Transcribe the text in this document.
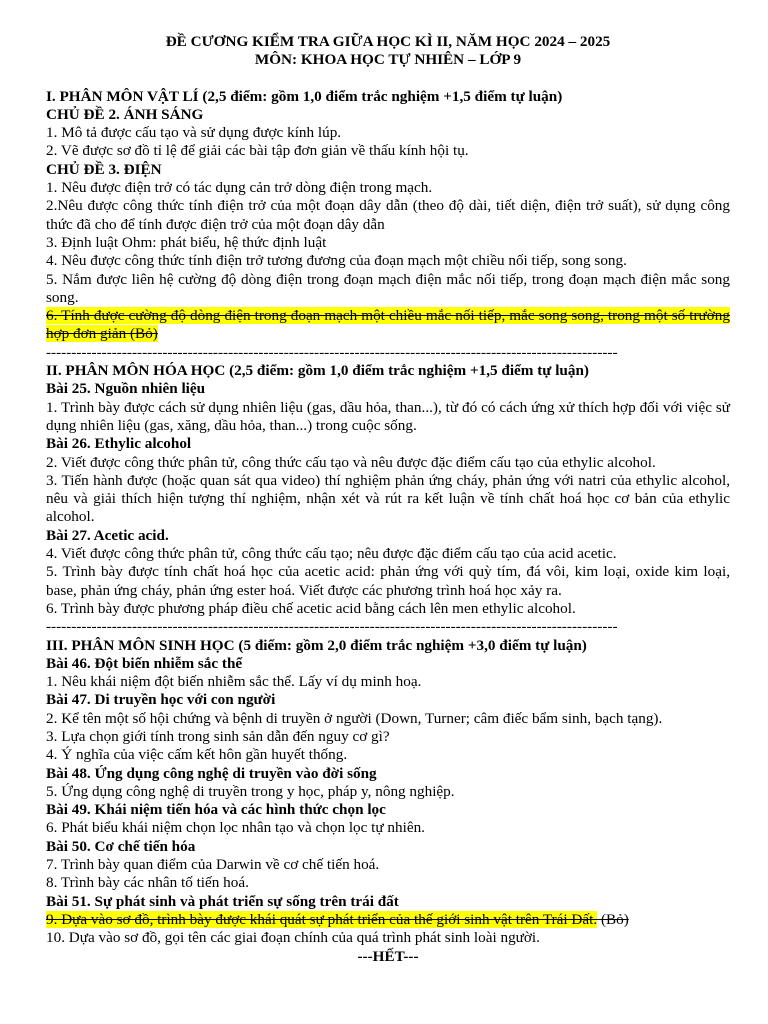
ĐỀ CƯƠNG KIỂM TRA GIỮA HỌC KÌ II, NĂM HỌC 2024 – 2025
MÔN: KHOA HỌC TỰ NHIÊN – LỚP 9
I. PHÂN MÔN VẬT LÍ (2,5 điểm: gồm 1,0 điểm trắc nghiệm +1,5 điểm tự luận)
CHỦ ĐỀ 2. ÁNH SÁNG
1. Mô tả được cấu tạo và sử dụng được kính lúp.
2. Vẽ được sơ đồ tỉ lệ để giải các bài tập đơn giản về thấu kính hội tụ.
CHỦ ĐỀ 3. ĐIỆN
1. Nêu được điện trở có tác dụng cản trở dòng điện trong mạch.
2.Nêu được công thức tính điện trở của một đoạn dây dẫn (theo độ dài, tiết diện, điện trở suất), sử dụng công thức đã cho để tính được điện trở của một đoạn dây dẫn
3. Định luật Ohm: phát biểu, hệ thức định luật
4. Nêu được công thức tính điện trở tương đương của đoạn mạch một chiều nối tiếp, song song.
5. Nắm được liên hệ cường độ dòng điện trong đoạn mạch điện mắc nối tiếp, trong đoạn mạch điện mắc song song.
6. Tính được cường độ dòng điện trong đoạn mạch một chiều mắc nối tiếp, mắc song song, trong một số trường hợp đơn giản (Bỏ)
-----------------------------------------------------------------------------------------------------------------
II. PHÂN MÔN HÓA HỌC (2,5 điểm: gồm 1,0 điểm trắc nghiệm +1,5 điểm tự luận)
Bài 25. Nguồn nhiên liệu
1. Trình bày được cách sử dụng nhiên liệu (gas, dầu hỏa, than...), từ đó có cách ứng xử thích hợp đối với việc sử dụng nhiên liệu (gas, xăng, dầu hỏa, than...) trong cuộc sống.
Bài 26. Ethylic alcohol
2. Viết được công thức phân tử, công thức cấu tạo và nêu được đặc điểm cấu tạo của ethylic alcohol.
3. Tiến hành được (hoặc quan sát qua video) thí nghiệm phản ứng cháy, phản ứng với natri của ethylic alcohol, nêu và giải thích hiện tượng thí nghiệm, nhận xét và rút ra kết luận về tính chất hoá học cơ bản của ethylic alcohol.
Bài 27. Acetic acid.
4. Viết được công thức phân tử, công thức cấu tạo; nêu được đặc điểm cấu tạo của acid acetic.
5. Trình bày được tính chất hoá học của acetic acid: phản ứng với quỳ tím, đá vôi, kim loại, oxide kim loại, base, phản ứng cháy, phản ứng ester hoá. Viết được các phương trình hoá học xảy ra.
6. Trình bày được phương pháp điều chế acetic acid bằng cách lên men ethylic alcohol.
-----------------------------------------------------------------------------------------------------------------
III. PHÂN MÔN SINH HỌC (5 điểm: gồm 2,0 điểm trắc nghiệm +3,0 điểm tự luận)
Bài 46. Đột biến nhiễm sắc thể
1. Nêu khái niệm đột biến nhiễm sắc thể. Lấy ví dụ minh hoạ.
Bài 47. Di truyền học với con người
2. Kể tên một số hội chứng và bệnh di truyền ở người (Down, Turner; câm điếc bẩm sinh, bạch tạng).
3. Lựa chọn giới tính trong sinh sản dẫn đến nguy cơ gì?
4. Ý nghĩa của việc cấm kết hôn gần huyết thống.
Bài 48. Ứng dụng công nghệ di truyền vào đời sống
5. Ứng dụng công nghệ di truyền trong y học, pháp y, nông nghiệp.
Bài 49. Khái niệm tiến hóa và các hình thức chọn lọc
6. Phát biểu khái niệm chọn lọc nhân tạo và chọn lọc tự nhiên.
Bài 50. Cơ chế tiến hóa
7. Trình bày quan điểm của Darwin về cơ chế tiến hoá.
8. Trình bày các nhân tố tiến hoá.
Bài 51. Sự phát sinh và phát triển sự sống trên trái đất
9. Dựa vào sơ đồ, trình bày được khái quát sự phát triển của thế giới sinh vật trên Trái Đất. (Bỏ)
10. Dựa vào sơ đồ, gọi tên các giai đoạn chính của quá trình phát sinh loài người.
---HẾT---
